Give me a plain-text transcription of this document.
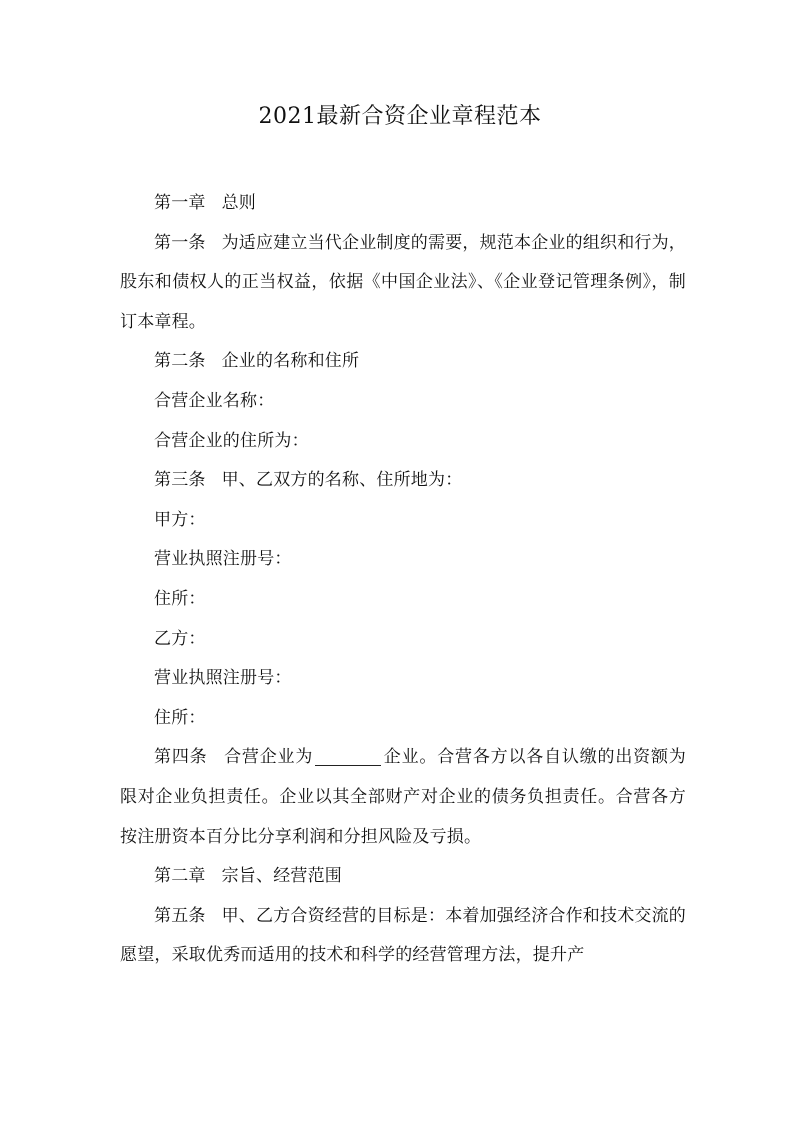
2021最新合资企业章程范本

第一章 总则

第一条 为适应建立当代企业制度的需要，规范本企业的组织和行为，股东和债权人的正当权益，依据《中国企业法》、《企业登记管理条例》，制订本章程。

第二条 企业的名称和住所

合营企业名称：

合营企业的住所为：

第三条 甲、乙双方的名称、住所地为：

甲方：

营业执照注册号：

住所：

乙方：

营业执照注册号：

住所：

第四条 合营企业为	企业。合营各方以各自认缴的出资额为限对企业负担责任。企业以其全部财产对企业的债务负担责任。合营各方按注册资本百分比分享利润和分担风险及亏损。

第二章 宗旨、经营范围

第五条 甲、乙方合资经营的目标是：本着加强经济合作和技术交流的愿望，采取优秀而适用的技术和科学的经营管理方法，提升产
